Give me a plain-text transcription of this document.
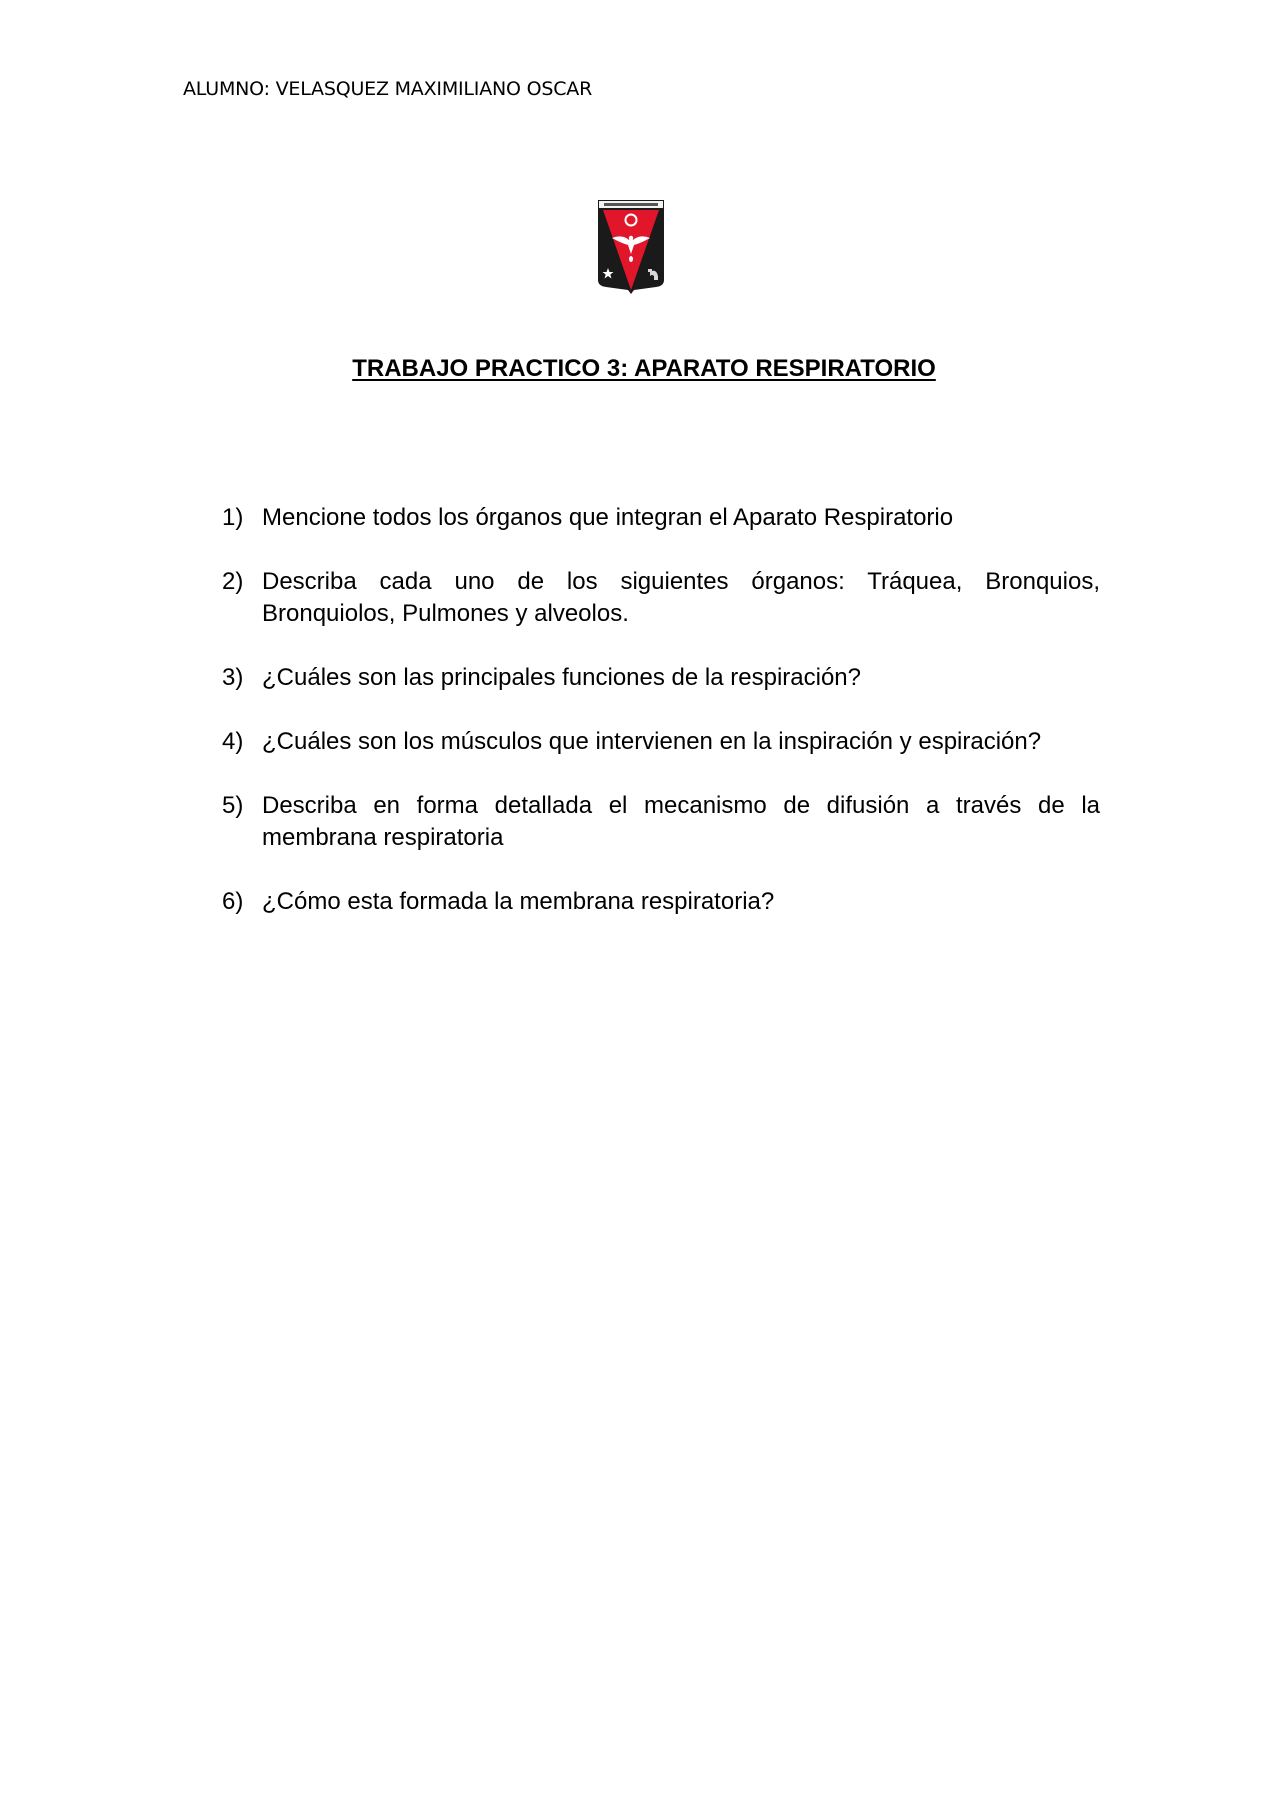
ALUMNO: VELASQUEZ MAXIMILIANO OSCAR
TRABAJO PRACTICO 3: APARATO RESPIRATORIO
1) Mencione todos los órganos que integran el Aparato Respiratorio
2) Describa cada uno de los siguientes órganos: Tráquea, Bronquios, Bronquiolos, Pulmones y alveolos.
3) ¿Cuáles son las principales funciones de la respiración?
4) ¿Cuáles son los músculos que intervienen en la inspiración y espiración?
5) Describa en forma detallada el mecanismo de difusión a través de la membrana respiratoria
6) ¿Cómo esta formada la membrana respiratoria?
